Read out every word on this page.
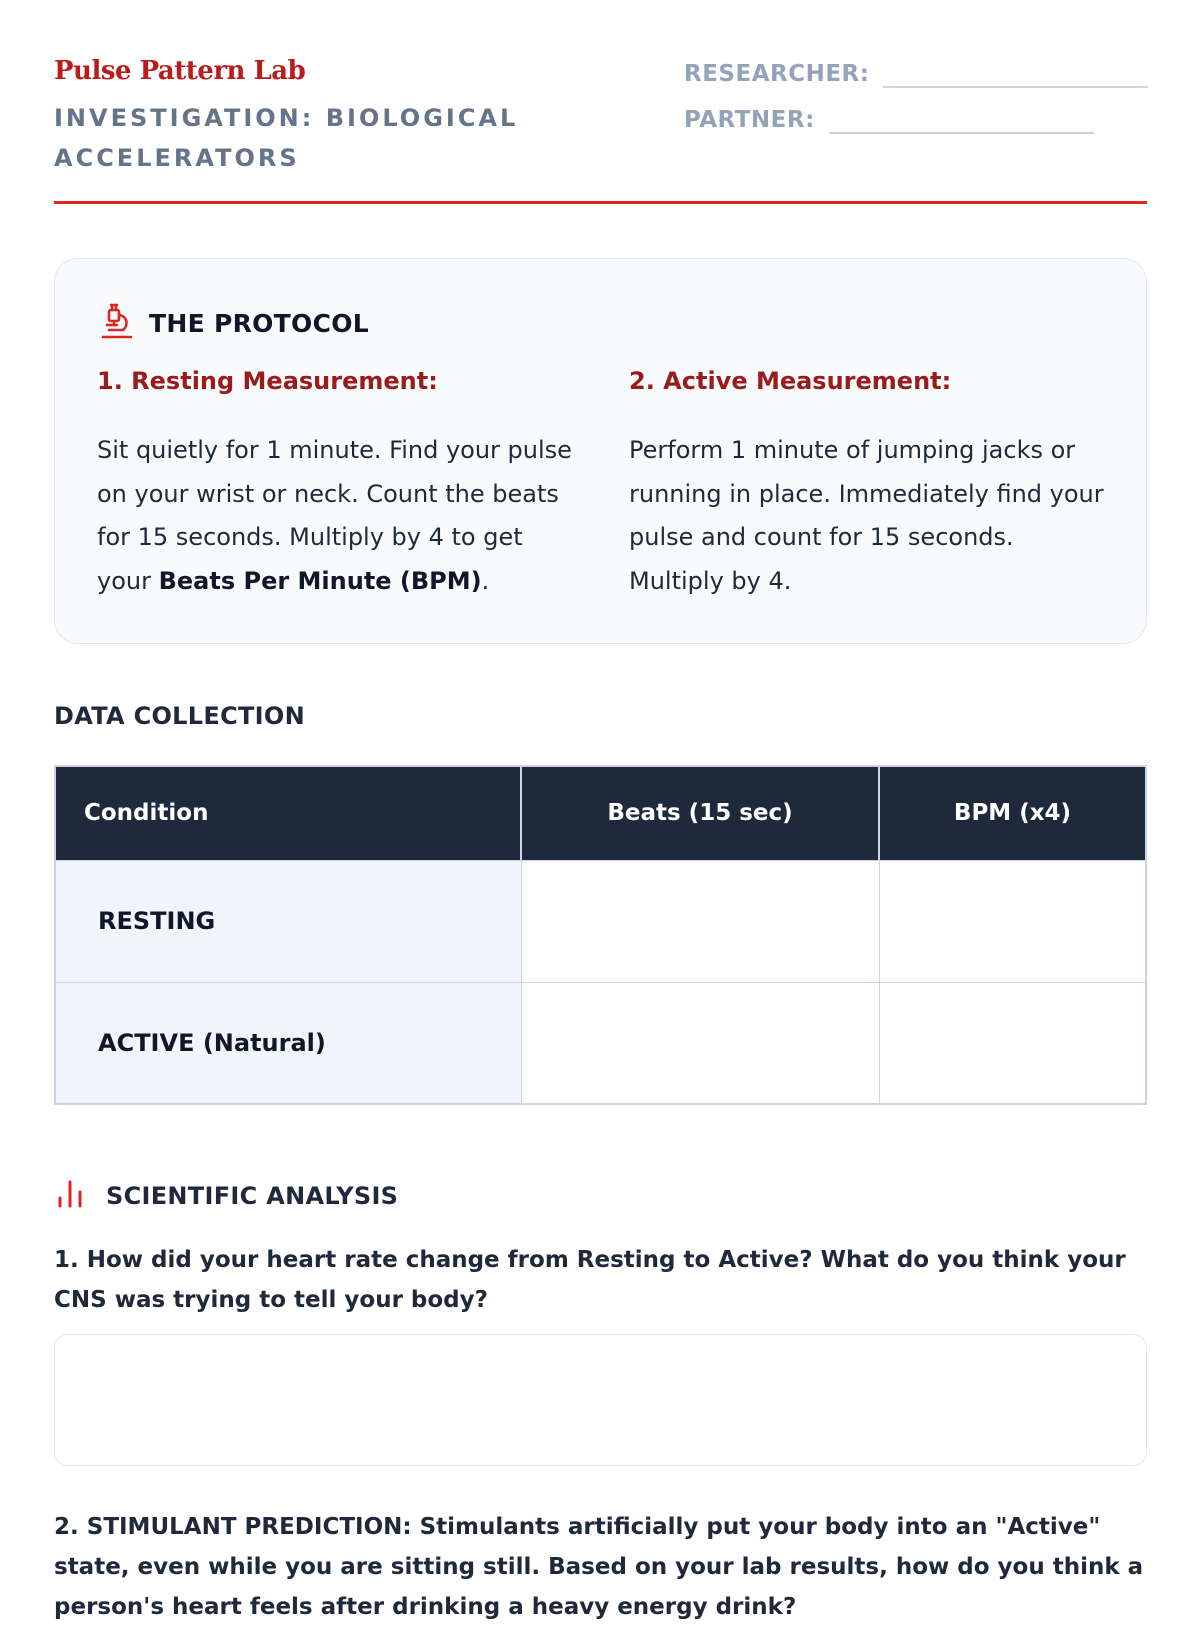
Pulse Pattern Lab
INVESTIGATION: BIOLOGICAL ACCELERATORS
RESEARCHER:
PARTNER:
THE PROTOCOL
1. Resting Measurement:
Sit quietly for 1 minute. Find your pulse on your wrist or neck. Count the beats for 15 seconds. Multiply by 4 to get your Beats Per Minute (BPM).
2. Active Measurement:
Perform 1 minute of jumping jacks or running in place. Immediately find your pulse and count for 15 seconds. Multiply by 4.
DATA COLLECTION
Condition	Beats (15 sec)	BPM (x4)
RESTING		
ACTIVE (Natural)		
SCIENTIFIC ANALYSIS
1. How did your heart rate change from Resting to Active? What do you think your CNS was trying to tell your body?
2. STIMULANT PREDICTION: Stimulants artificially put your body into an "Active" state, even while you are sitting still. Based on your lab results, how do you think a person's heart feels after drinking a heavy energy drink?
